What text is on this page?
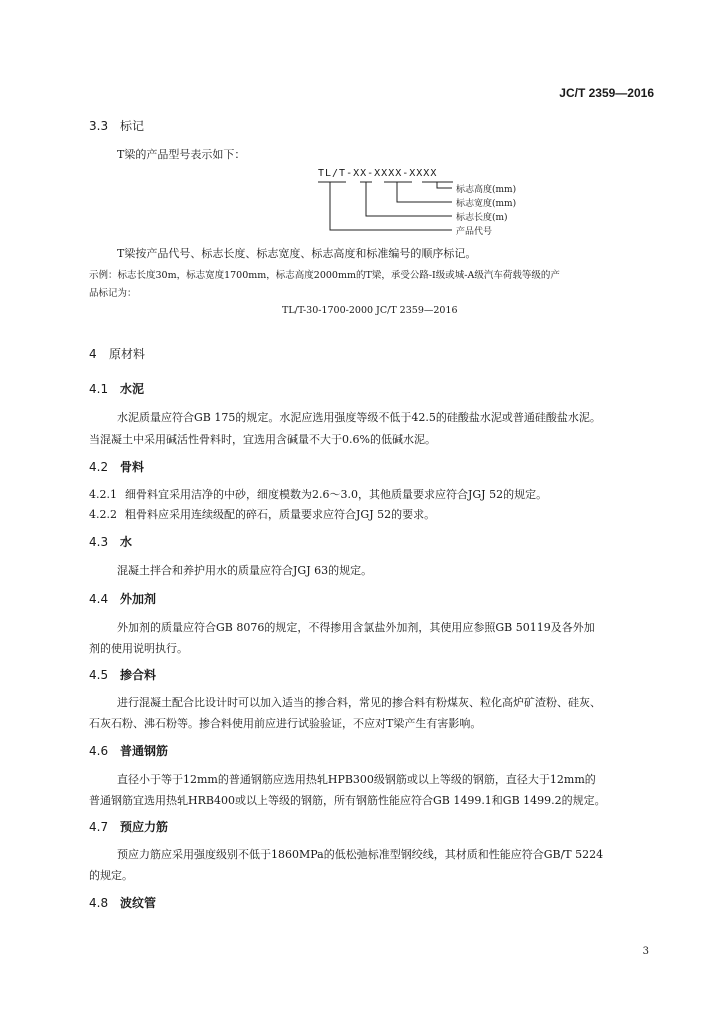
JC/T 2359—2016
3.3 标记
T梁的产品型号表示如下：
TL/T-XX-XXXX-XXXX
标志高度(mm)
标志宽度(mm)
标志长度(m)
产品代号
T梁按产品代号、标志长度、标志宽度、标志高度和标准编号的顺序标记。
示例：标志长度30m，标志宽度1700mm，标志高度2000mm的T梁，承受公路-I级或城-A级汽车荷载等级的产
品标记为：
TL/T-30-1700-2000 JC/T 2359—2016
4 原材料
4.1 水泥
水泥质量应符合GB 175的规定。水泥应选用强度等级不低于42.5的硅酸盐水泥或普通硅酸盐水泥。
当混凝土中采用碱活性骨料时，宜选用含碱量不大于0.6%的低碱水泥。
4.2 骨料
4.2.1 细骨料宜采用洁净的中砂，细度模数为2.6～3.0，其他质量要求应符合JGJ 52的规定。
4.2.2 粗骨料应采用连续级配的碎石，质量要求应符合JGJ 52的要求。
4.3 水
混凝土拌合和养护用水的质量应符合JGJ 63的规定。
4.4 外加剂
外加剂的质量应符合GB 8076的规定，不得掺用含氯盐外加剂，其使用应参照GB 50119及各外加
剂的使用说明执行。
4.5 掺合料
进行混凝土配合比设计时可以加入适当的掺合料，常见的掺合料有粉煤灰、粒化高炉矿渣粉、硅灰、
石灰石粉、沸石粉等。掺合料使用前应进行试验验证，不应对T梁产生有害影响。
4.6 普通钢筋
直径小于等于12mm的普通钢筋应选用热轧HPB300级钢筋或以上等级的钢筋，直径大于12mm的
普通钢筋宜选用热轧HRB400或以上等级的钢筋，所有钢筋性能应符合GB 1499.1和GB 1499.2的规定。
4.7 预应力筋
预应力筋应采用强度级别不低于1860MPa的低松弛标准型钢绞线，其材质和性能应符合GB/T 5224
的规定。
4.8 波纹管
3
